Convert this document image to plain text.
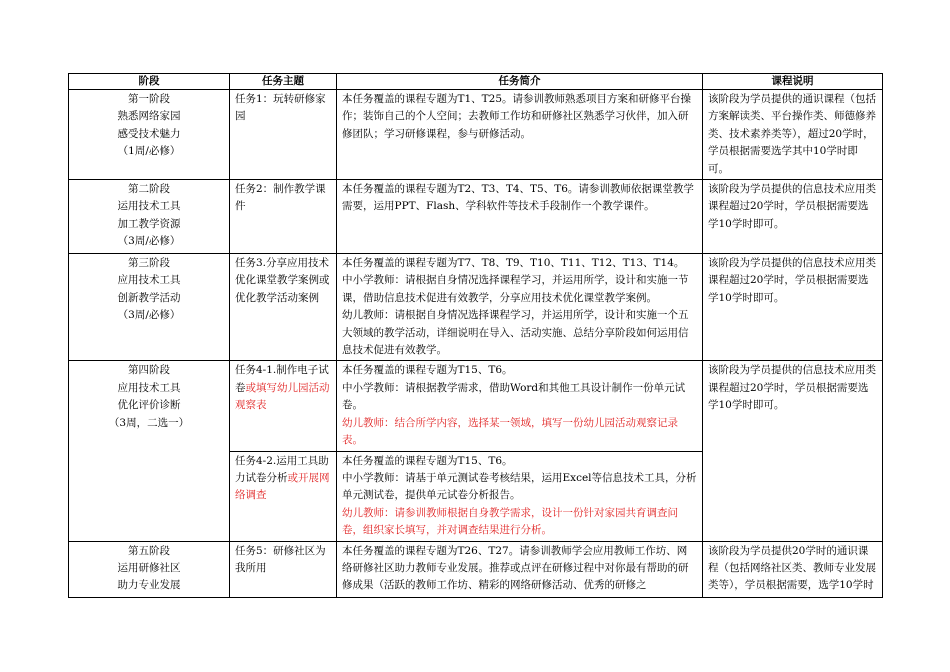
阶段	任务主题	任务简介	课程说明

第一阶段
熟悉网络家园
感受技术魅力
（1周/必修）	任务1：玩转研修家园	本任务覆盖的课程专题为T1、T25。请参训教师熟悉项目方案和研修平台操作；装饰自己的个人空间；去教师工作坊和研修社区熟悉学习伙伴，加入研修团队；学习研修课程，参与研修活动。	该阶段为学员提供的通识课程（包括方案解读类、平台操作类、师德修养类、技术素养类等），超过20学时，学员根据需要选学其中10学时即可。

第二阶段
运用技术工具
加工教学资源
（3周/必修）	任务2：制作教学课件	本任务覆盖的课程专题为T2、T3、T4、T5、T6。请参训教师依据课堂教学需要，运用PPT、Flash、学科软件等技术手段制作一个教学课件。	该阶段为学员提供的信息技术应用类课程超过20学时，学员根据需要选学10学时即可。

第三阶段
应用技术工具
创新教学活动
（3周/必修）	任务3.分享应用技术优化课堂教学案例或优化教学活动案例	本任务覆盖的课程专题为T7、T8、T9、T10、T11、T12、T13、T14。
中小学教师：请根据自身情况选择课程学习，并运用所学，设计和实施一节课，借助信息技术促进有效教学，分享应用技术优化课堂教学案例。
幼儿教师：请根据自身情况选择课程学习，并运用所学，设计和实施一个五大领域的教学活动，详细说明在导入、活动实施、总结分享阶段如何运用信息技术促进有效教学。	该阶段为学员提供的信息技术应用类课程超过20学时，学员根据需要选学10学时即可。

第四阶段
应用技术工具
优化评价诊断
（3周，二选一）	任务4-1.制作电子试卷或填写幼儿园活动观察表	本任务覆盖的课程专题为T15、T6。
中小学教师：请根据教学需求，借助Word和其他工具设计制作一份单元试卷。
幼儿教师：结合所学内容，选择某一领域，填写一份幼儿园活动观察记录表。	该阶段为学员提供的信息技术应用类课程超过20学时，学员根据需要选学10学时即可。
	任务4-2.运用工具助力试卷分析或开展网络调查	本任务覆盖的课程专题为T15、T6。
中小学教师：请基于单元测试卷考核结果，运用Excel等信息技术工具，分析单元测试卷，提供单元试卷分析报告。
幼儿教师：请参训教师根据自身教学需求，设计一份针对家园共育调查问卷，组织家长填写，并对调查结果进行分析。	

第五阶段
运用研修社区
助力专业发展	任务5：研修社区为我所用	本任务覆盖的课程专题为T26、T27。请参训教师学会应用教师工作坊、网络研修社区助力教师专业发展。推荐或点评在研修过程中对你最有帮助的研修成果（活跃的教师工作坊、精彩的网络研修活动、优秀的研修之	该阶段为学员提供20学时的通识课程（包括网络社区类、教师专业发展类等），学员根据需要，选学10学时
